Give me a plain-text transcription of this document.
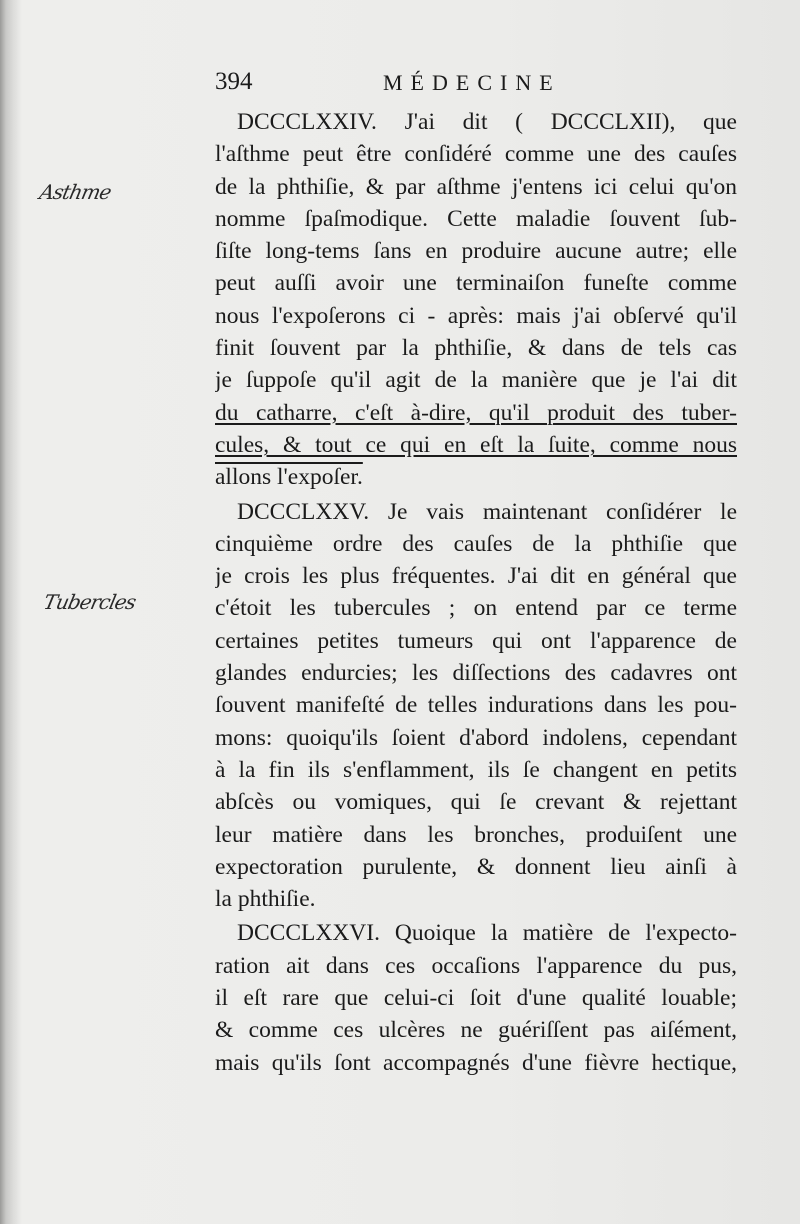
394	MÉDECINE
Asthme
Tubercles
DCCCLXXIV. J'ai dit ( DCCCLXII), que
l'aſthme peut être conſidéré comme une des cauſes
de la phthiſie, & par aſthme j'entens ici celui qu'on
nomme ſpaſmodique. Cette maladie ſouvent ſub-
ſiſte long-tems ſans en produire aucune autre; elle
peut auſſi avoir une terminaiſon funeſte comme
nous l'expoſerons ci - après: mais j'ai obſervé qu'il
finit ſouvent par la phthiſie, & dans de tels cas
je ſuppoſe qu'il agit de la manière que je l'ai dit
du catharre, c'eſt à-dire, qu'il produit des tuber-
cules, & tout ce qui en eſt la ſuite, comme nous
allons l'expoſer.
DCCCLXXV. Je vais maintenant conſidérer le
cinquième ordre des cauſes de la phthiſie que
je crois les plus fréquentes. J'ai dit en général que
c'étoit les tubercules ; on entend par ce terme
certaines petites tumeurs qui ont l'apparence de
glandes endurcies; les diſſections des cadavres ont
ſouvent manifeſté de telles indurations dans les pou-
mons: quoiqu'ils ſoient d'abord indolens, cependant
à la fin ils s'enflamment, ils ſe changent en petits
abſcès ou vomiques, qui ſe crevant & rejettant
leur matière dans les bronches, produiſent une
expectoration purulente, & donnent lieu ainſi à
la phthiſie.
DCCCLXXVI. Quoique la matière de l'expecto-
ration ait dans ces occaſions l'apparence du pus,
il eſt rare que celui-ci ſoit d'une qualité louable;
& comme ces ulcères ne guériſſent pas aiſément,
mais qu'ils ſont accompagnés d'une fièvre hectique,
